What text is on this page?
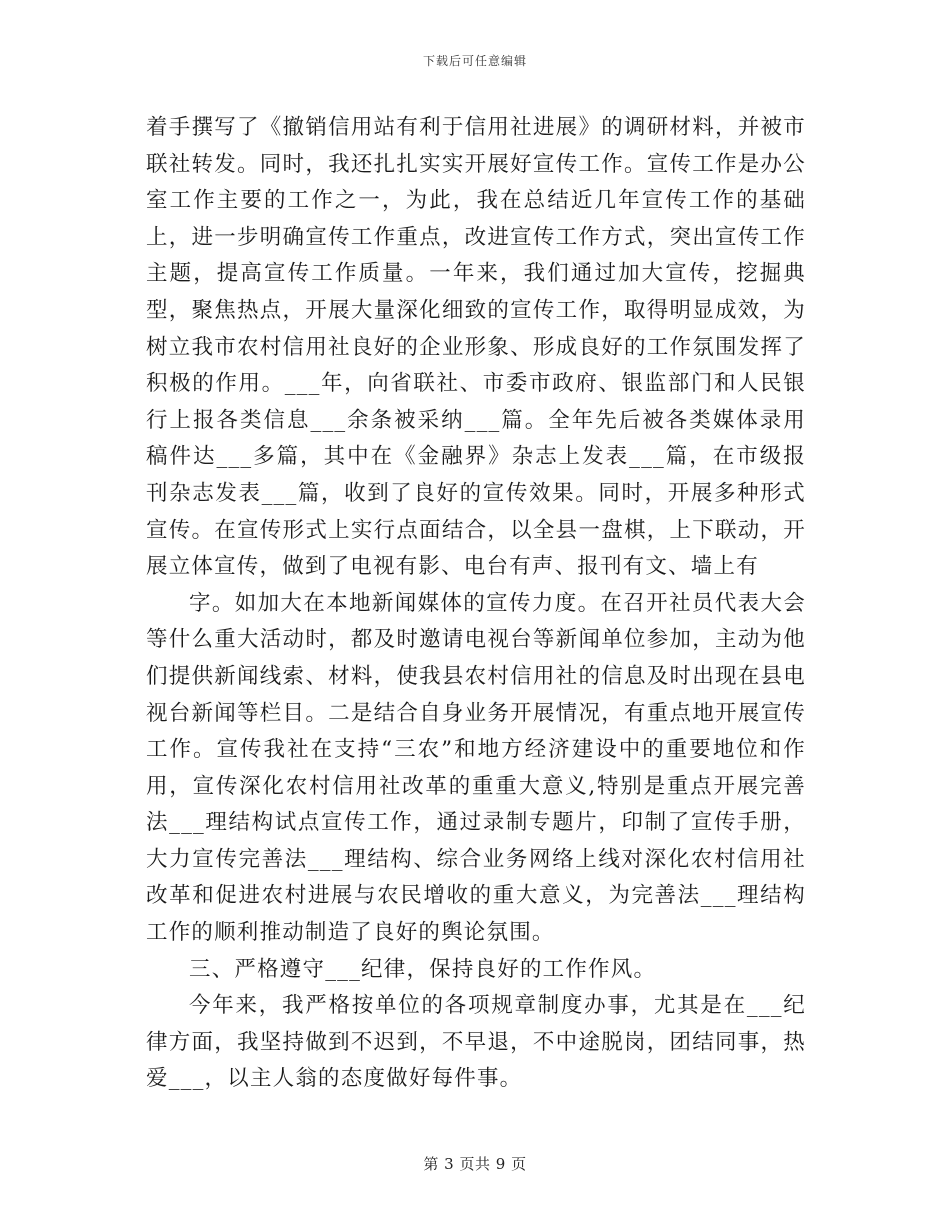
下载后可任意编辑

着手撰写了《撤销信用站有利于信用社进展》的调研材料，并被市联社转发。同时，我还扎扎实实开展好宣传工作。宣传工作是办公室工作主要的工作之一，为此，我在总结近几年宣传工作的基础上，进一步明确宣传工作重点，改进宣传工作方式，突出宣传工作主题，提高宣传工作质量。一年来，我们通过加大宣传，挖掘典型，聚焦热点，开展大量深化细致的宣传工作，取得明显成效，为树立我市农村信用社良好的企业形象、形成良好的工作氛围发挥了积极的作用。___年，向省联社、市委市政府、银监部门和人民银行上报各类信息___余条被采纳___篇。全年先后被各类媒体录用稿件达___多篇，其中在《金融界》杂志上发表___篇，在市级报刊杂志发表___篇，收到了良好的宣传效果。同时，开展多种形式宣传。在宣传形式上实行点面结合，以全县一盘棋，上下联动，开展立体宣传，做到了电视有影、电台有声、报刊有文、墙上有

字。如加大在本地新闻媒体的宣传力度。在召开社员代表大会等什么重大活动时，都及时邀请电视台等新闻单位参加，主动为他们提供新闻线索、材料，使我县农村信用社的信息及时出现在县电视台新闻等栏目。二是结合自身业务开展情况，有重点地开展宣传工作。宣传我社在支持“三农”和地方经济建设中的重要地位和作用，宣传深化农村信用社改革的重重大意义,特别是重点开展完善法___理结构试点宣传工作，通过录制专题片，印制了宣传手册，大力宣传完善法___理结构、综合业务网络上线对深化农村信用社改革和促进农村进展与农民增收的重大意义，为完善法___理结构工作的顺利推动制造了良好的舆论氛围。

三、严格遵守___纪律，保持良好的工作作风。

今年来，我严格按单位的各项规章制度办事，尤其是在___纪律方面，我坚持做到不迟到，不早退，不中途脱岗，团结同事，热爱___，以主人翁的态度做好每件事。

第 3 页共 9 页
